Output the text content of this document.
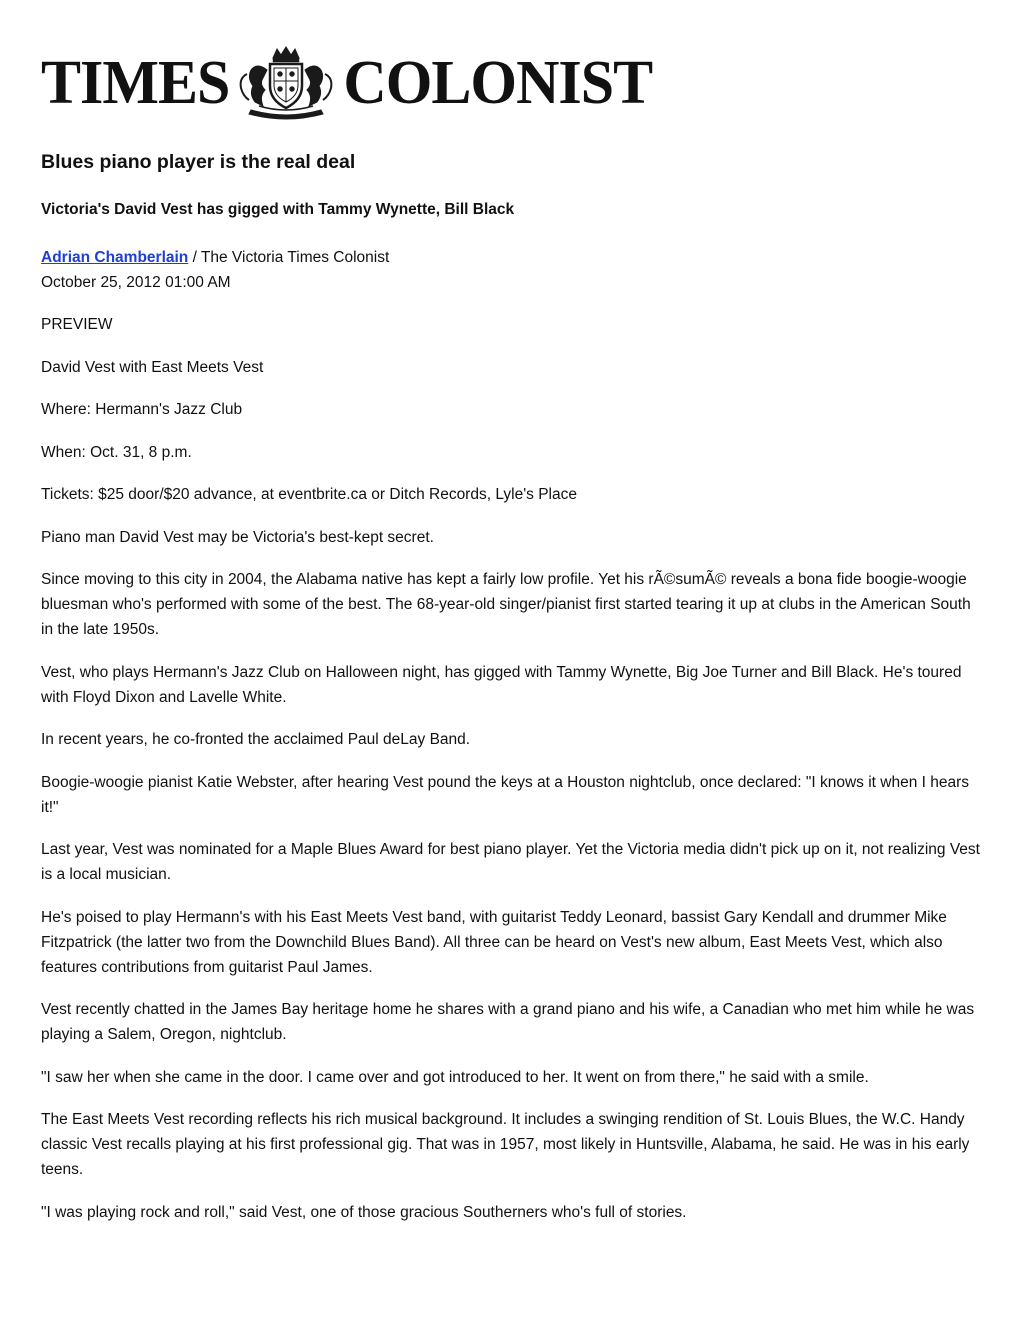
TIMES COLONIST
Blues piano player is the real deal
Victoria's David Vest has gigged with Tammy Wynette, Bill Black
Adrian Chamberlain / The Victoria Times Colonist
October 25, 2012 01:00 AM

PREVIEW

David Vest with East Meets Vest

Where: Hermann's Jazz Club

When: Oct. 31, 8 p.m.

Tickets: $25 door/$20 advance, at eventbrite.ca or Ditch Records, Lyle's Place

Piano man David Vest may be Victoria's best-kept secret.

Since moving to this city in 2004, the Alabama native has kept a fairly low profile. Yet his rÃ©sumÃ© reveals a bona fide boogie-woogie bluesman who's performed with some of the best. The 68-year-old singer/pianist first started tearing it up at clubs in the American South in the late 1950s.

Vest, who plays Hermann's Jazz Club on Halloween night, has gigged with Tammy Wynette, Big Joe Turner and Bill Black. He's toured with Floyd Dixon and Lavelle White.

In recent years, he co-fronted the acclaimed Paul deLay Band.

Boogie-woogie pianist Katie Webster, after hearing Vest pound the keys at a Houston nightclub, once declared: "I knows it when I hears it!"

Last year, Vest was nominated for a Maple Blues Award for best piano player. Yet the Victoria media didn't pick up on it, not realizing Vest is a local musician.

He's poised to play Hermann's with his East Meets Vest band, with guitarist Teddy Leonard, bassist Gary Kendall and drummer Mike Fitzpatrick (the latter two from the Downchild Blues Band). All three can be heard on Vest's new album, East Meets Vest, which also features contributions from guitarist Paul James.

Vest recently chatted in the James Bay heritage home he shares with a grand piano and his wife, a Canadian who met him while he was playing a Salem, Oregon, nightclub.

"I saw her when she came in the door. I came over and got introduced to her. It went on from there," he said with a smile.

The East Meets Vest recording reflects his rich musical background. It includes a swinging rendition of St. Louis Blues, the W.C. Handy classic Vest recalls playing at his first professional gig. That was in 1957, most likely in Huntsville, Alabama, he said. He was in his early teens.

"I was playing rock and roll," said Vest, one of those gracious Southerners who's full of stories.
